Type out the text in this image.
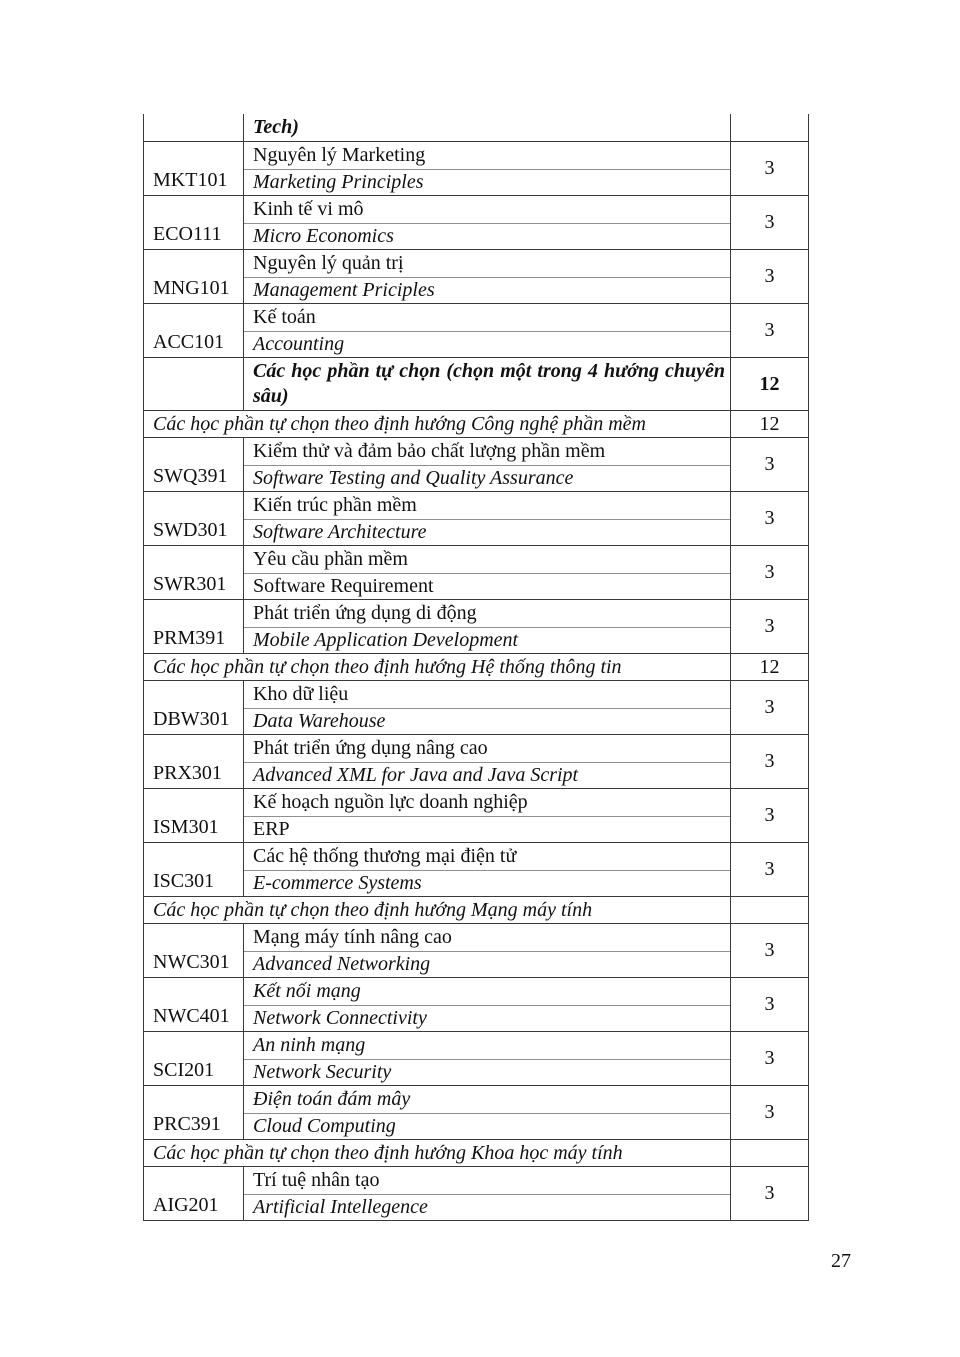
Tech)
MKT101
Nguyên lý Marketing
Marketing Principles
3
ECO111
Kinh tế vi mô
Micro Economics
3
MNG101
Nguyên lý quản trị
Management Priciples
3
ACC101
Kế toán
Accounting
3
Các học phần tự chọn (chọn một trong 4 hướng chuyên sâu)
12
Các học phần tự chọn theo định hướng Công nghệ phần mềm	12
SWQ391
Kiểm thử và đảm bảo chất lượng phần mềm
Software Testing and Quality Assurance
3
SWD301
Kiến trúc phần mềm
Software Architecture
3
SWR301
Yêu cầu phần mềm
Software Requirement
3
PRM391
Phát triển ứng dụng di động
Mobile Application Development
3
Các học phần tự chọn theo định hướng Hệ thống thông tin	12
DBW301
Kho dữ liệu
Data Warehouse
3
PRX301
Phát triển ứng dụng nâng cao
Advanced XML for Java and Java Script
3
ISM301
Kế hoạch nguồn lực doanh nghiệp
ERP
3
ISC301
Các hệ thống thương mại điện tử
E-commerce Systems
3
Các học phần tự chọn theo định hướng Mạng máy tính
NWC301
Mạng máy tính nâng cao
Advanced Networking
3
NWC401
Kết nối mạng
Network Connectivity
3
SCI201
An ninh mạng
Network Security
3
PRC391
Điện toán đám mây
Cloud Computing
3
Các học phần tự chọn theo định hướng Khoa học máy tính
AIG201
Trí tuệ nhân tạo
Artificial Intellegence
3
27
